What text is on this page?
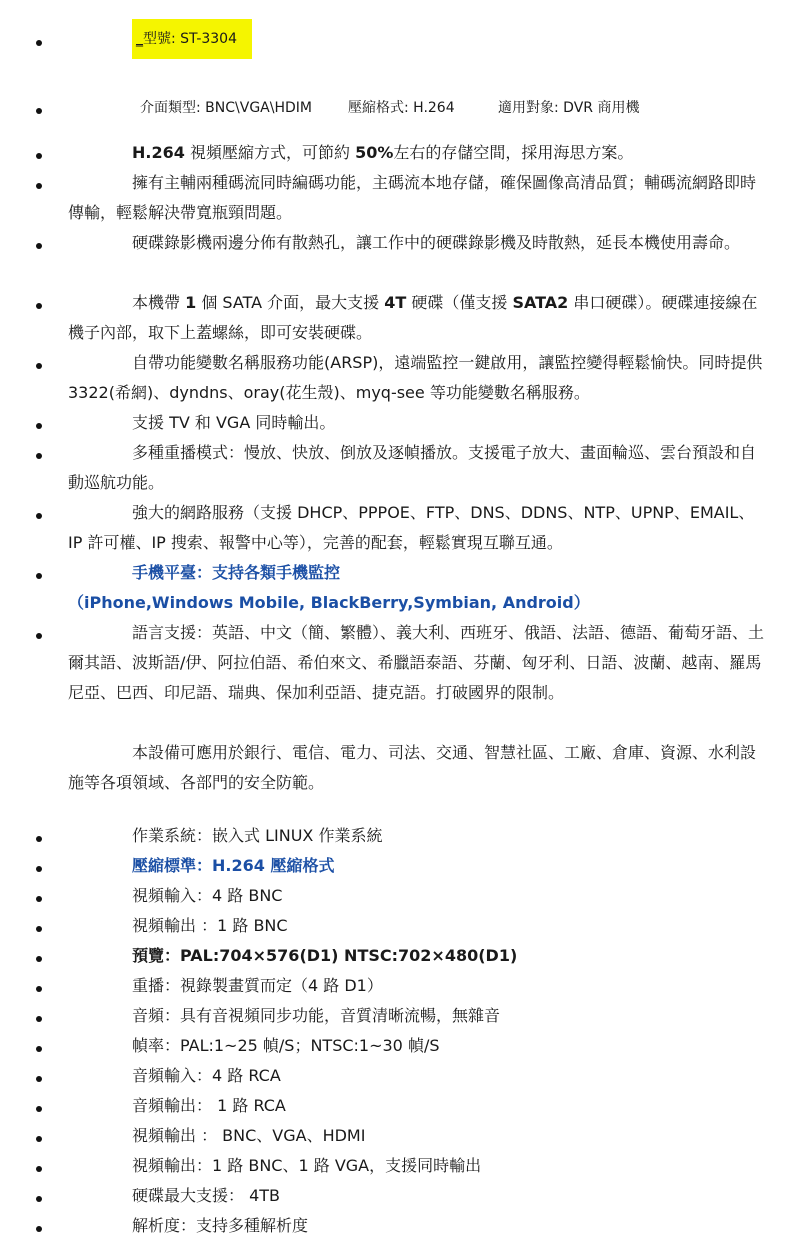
_型號: ST-3304
介面類型: BNC\VGA\HDIM	壓縮格式: H.264	適用對象: DVR 商用機

H.264 視頻壓縮方式，可節約 50%左右的存儲空間，採用海思方案。

擁有主輔兩種碼流同時編碼功能，主碼流本地存儲，確保圖像高清品質；輔碼流網路即時傳輸，輕鬆解決帶寬瓶頸問題。

硬碟錄影機兩邊分佈有散熱孔，讓工作中的硬碟錄影機及時散熱，延長本機使用壽命。

本機帶 1 個 SATA 介面，最大支援 4T 硬碟（僅支援 SATA2 串口硬碟）。硬碟連接線在機子內部，取下上蓋螺絲，即可安裝硬碟。

自帶功能變數名稱服務功能(ARSP)，遠端監控一鍵啟用，讓監控變得輕鬆愉快。同時提供 3322(希網)、dyndns、oray(花生殼)、myq-see 等功能變數名稱服務。

支援 TV 和 VGA 同時輸出。

多種重播模式：慢放、快放、倒放及逐幀播放。支援電子放大、畫面輪巡、雲台預設和自動巡航功能。

強大的網路服務（支援 DHCP、PPPOE、FTP、DNS、DDNS、NTP、UPNP、EMAIL、IP 許可權、IP 搜索、報警中心等），完善的配套，輕鬆實現互聯互通。

手機平臺：支持各類手機監控
（iPhone,Windows Mobile, BlackBerry,Symbian, Android）

語言支援：英語、中文（簡、繁體）、義大利、西班牙、俄語、法語、德語、葡萄牙語、土爾其語、波斯語/伊、阿拉伯語、希伯來文、希臘語泰語、芬蘭、匈牙利、日語、波蘭、越南、羅馬尼亞、巴西、印尼語、瑞典、保加利亞語、捷克語。打破國界的限制。

本設備可應用於銀行、電信、電力、司法、交通、智慧社區、工廠、倉庫、資源、水利設施等各項領域、各部門的安全防範。

作業系統：嵌入式 LINUX 作業系統
壓縮標準：H.264 壓縮格式
視頻輸入：4 路 BNC
視頻輸出 ：1 路 BNC
預覽：PAL:704×576(D1) NTSC:702×480(D1)
重播：視錄製畫質而定（4 路 D1）
音頻：具有音視頻同步功能，音質清晰流暢，無雜音
幀率：PAL:1~25 幀/S；NTSC:1~30 幀/S
音頻輸入：4 路 RCA
音頻輸出： 1 路 RCA
視頻輸出 ： BNC、VGA、HDMI
視頻輸出：1 路 BNC、1 路 VGA，支援同時輸出
硬碟最大支援： 4TB
解析度：支持多種解析度
